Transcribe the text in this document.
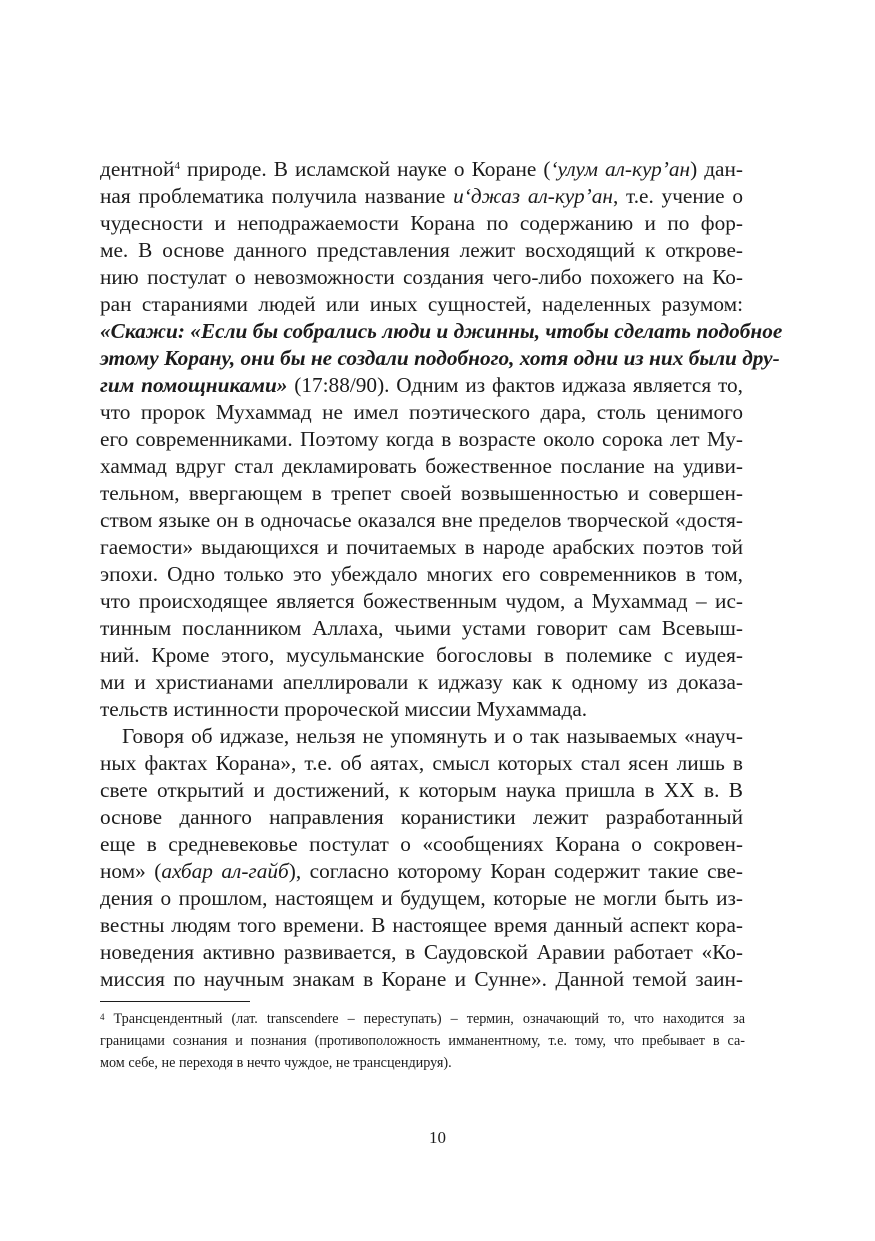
дентной$^4$ природе. В исламской науке о Коране (ʻулум ал-кур’ан) дан-
ная проблематика получила название иʻджаз ал-кур’ан, т.е. учение о
чудесности и неподражаемости Корана по содержанию и по фор-
ме. В основе данного представления лежит восходящий к открове-
нию постулат о невозможности создания чего-либо похожего на Ко-
ран стараниями людей или иных сущностей, наделенных разумом:
«Скажи: «Если бы собрались люди и джинны, чтобы сделать подобное
этому Корану, они бы не создали подобного, хотя одни из них были дру-
гим помощниками» (17:88/90). Одним из фактов иджаза является то,
что пророк Мухаммад не имел поэтического дара, столь ценимого
его современниками. Поэтому когда в возрасте около сорока лет Му-
хаммад вдруг стал декламировать божественное послание на удиви-
тельном, ввергающем в трепет своей возвышенностью и совершен-
ством языке он в одночасье оказался вне пределов творческой «достя-
гаемости» выдающихся и почитаемых в народе арабских поэтов той
эпохи. Одно только это убеждало многих его современников в том,
что происходящее является божественным чудом, а Мухаммад – ис-
тинным посланником Аллаха, чьими устами говорит сам Всевыш-
ний. Кроме этого, мусульманские богословы в полемике с иудея-
ми и христианами апеллировали к иджазу как к одному из доказа-
тельств истинности пророческой миссии Мухаммада.
Говоря об иджазе, нельзя не упомянуть и о так называемых «науч-
ных фактах Корана», т.е. об аятах, смысл которых стал ясен лишь в
свете открытий и достижений, к которым наука пришла в XX в. В
основе данного направления коранистики лежит разработанный
еще в средневековье постулат о «сообщениях Корана о сокровен-
ном» (ахбар ал-гайб), согласно которому Коран содержит такие све-
дения о прошлом, настоящем и будущем, которые не могли быть из-
вестны людям того времени. В настоящее время данный аспект кора-
новедения активно развивается, в Саудовской Аравии работает «Ко-
миссия по научным знакам в Коране и Сунне». Данной темой заин-
$^4$ Трансцендентный (лат. transcendere – переступать) – термин, означающий то, что находится за
границами сознания и познания (противоположность имманентному, т.е. тому, что пребывает в са-
мом себе, не переходя в нечто чуждое, не трансцендируя).
10
